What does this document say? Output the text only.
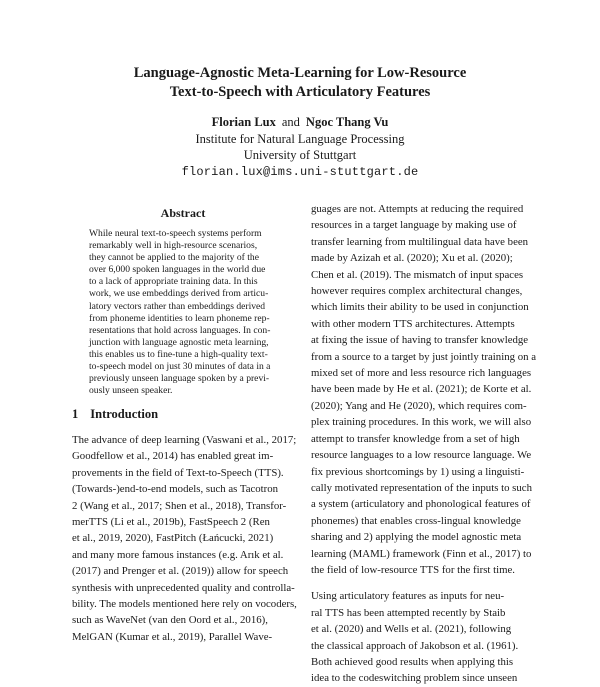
Language-Agnostic Meta-Learning for Low-Resource
Text-to-Speech with Articulatory Features
Florian Lux and Ngoc Thang Vu
Institute for Natural Language Processing
University of Stuttgart
florian.lux@ims.uni-stuttgart.de
Abstract
While neural text-to-speech systems perform
remarkably well in high-resource scenarios,
they cannot be applied to the majority of the
over 6,000 spoken languages in the world due
to a lack of appropriate training data. In this
work, we use embeddings derived from articu-
latory vectors rather than embeddings derived
from phoneme identities to learn phoneme rep-
resentations that hold across languages. In con-
junction with language agnostic meta learning,
this enables us to fine-tune a high-quality text-
to-speech model on just 30 minutes of data in a
previously unseen language spoken by a previ-
ously unseen speaker.
1 Introduction
The advance of deep learning (Vaswani et al., 2017;
Goodfellow et al., 2014) has enabled great im-
provements in the field of Text-to-Speech (TTS).
(Towards-)end-to-end models, such as Tacotron
2 (Wang et al., 2017; Shen et al., 2018), Transfor-
merTTS (Li et al., 2019b), FastSpeech 2 (Ren
et al., 2019, 2020), FastPitch (Łańcucki, 2021)
and many more famous instances (e.g. Arık et al.
(2017) and Prenger et al. (2019)) allow for speech
synthesis with unprecedented quality and controlla-
bility. The models mentioned here rely on vocoders,
such as WaveNet (van den Oord et al., 2016),
MelGAN (Kumar et al., 2019), Parallel Wave-
guages are not. Attempts at reducing the required
resources in a target language by making use of
transfer learning from multilingual data have been
made by Azizah et al. (2020); Xu et al. (2020);
Chen et al. (2019). The mismatch of input spaces
however requires complex architectural changes,
which limits their ability to be used in conjunction
with other modern TTS architectures. Attempts
at fixing the issue of having to transfer knowledge
from a source to a target by just jointly training on a
mixed set of more and less resource rich languages
have been made by He et al. (2021); de Korte et al.
(2020); Yang and He (2020), which requires com-
plex training procedures. In this work, we will also
attempt to transfer knowledge from a set of high
resource languages to a low resource language. We
fix previous shortcomings by 1) using a linguisti-
cally motivated representation of the inputs to such
a system (articulatory and phonological features of
phonemes) that enables cross-lingual knowledge
sharing and 2) applying the model agnostic meta
learning (MAML) framework (Finn et al., 2017) to
the field of low-resource TTS for the first time.
Using articulatory features as inputs for neu-
ral TTS has been attempted recently by Staib
et al. (2020) and Wells et al. (2021), following
the classical approach of Jakobson et al. (1961).
Both achieved good results when applying this
idea to the codeswitching problem since unseen
